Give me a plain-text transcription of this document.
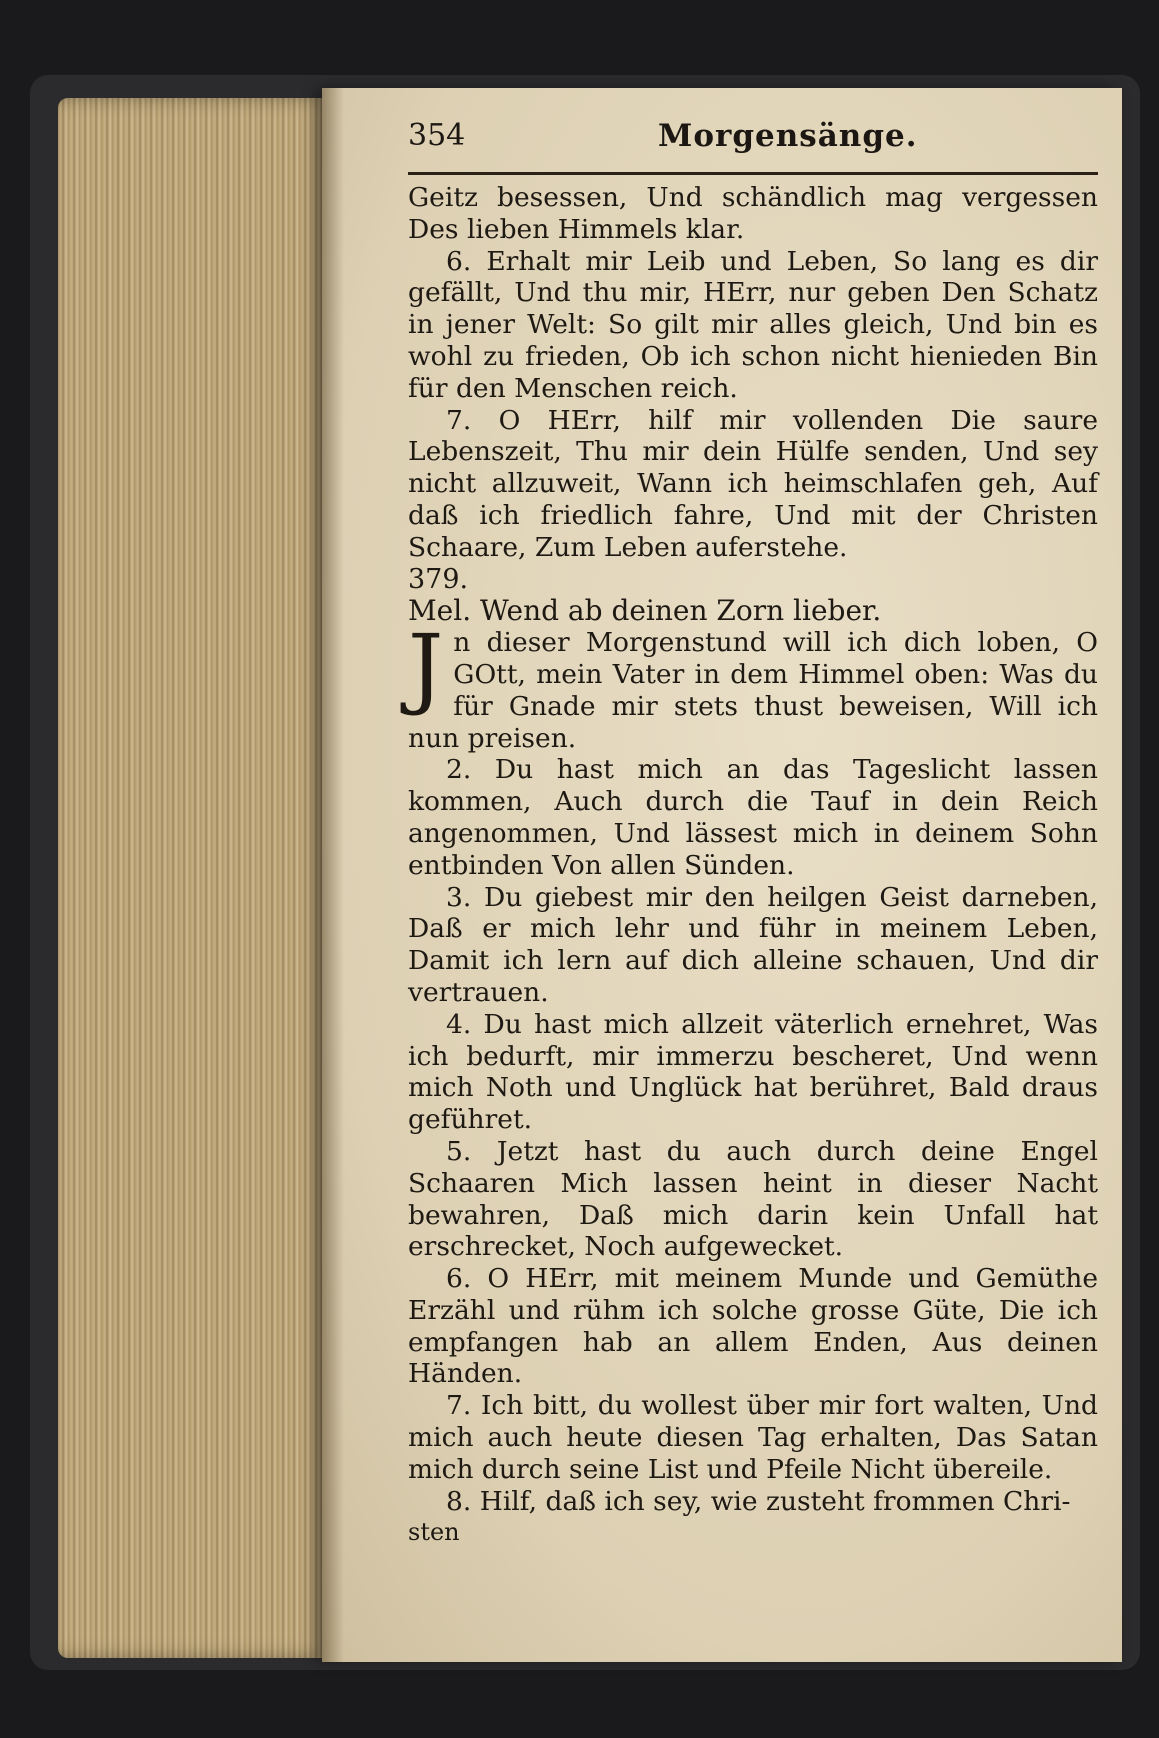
354	Morgensänge.

Geitz besessen, Und schändlich mag vergessen Des lieben Himmels klar.

6. Erhalt mir Leib und Leben, So lang es dir gefällt, Und thu mir, HErr, nur geben Den Schatz in jener Welt: So gilt mir alles gleich, Und bin es wohl zu frieden, Ob ich schon nicht hienieden Bin für den Menschen reich.

7. O HErr, hilf mir vollenden Die saure Lebenszeit, Thu mir dein Hülfe senden, Und sey nicht allzuweit, Wann ich heimschlafen geh, Auf daß ich friedlich fahre, Und mit der Christen Schaare, Zum Leben auferstehe.

379.

Mel. Wend ab deinen Zorn lieber.

Jn dieser Morgenstund will ich dich loben, O GOtt, mein Vater in dem Himmel oben: Was du für Gnade mir stets thust beweisen, Will ich nun preisen.

2. Du hast mich an das Tageslicht lassen kommen, Auch durch die Tauf in dein Reich angenommen, Und lässest mich in deinem Sohn entbinden Von allen Sünden.

3. Du giebest mir den heilgen Geist darneben, Daß er mich lehr und führ in meinem Leben, Damit ich lern auf dich alleine schauen, Und dir vertrauen.

4. Du hast mich allzeit väterlich ernehret, Was ich bedurft, mir immerzu bescheret, Und wenn mich Noth und Unglück hat berühret, Bald draus geführet.

5. Jetzt hast du auch durch deine Engel Schaaren Mich lassen heint in dieser Nacht bewahren, Daß mich darin kein Unfall hat erschrecket, Noch aufgewecket.

6. O HErr, mit meinem Munde und Gemüthe Erzähl und rühm ich solche grosse Güte, Die ich empfangen hab an allem Enden, Aus deinen Händen.

7. Ich bitt, du wollest über mir fort walten, Und mich auch heute diesen Tag erhalten, Das Satan mich durch seine List und Pfeile Nicht übereile.

8. Hilf, daß ich sey, wie zusteht frommen Chri-

sten
